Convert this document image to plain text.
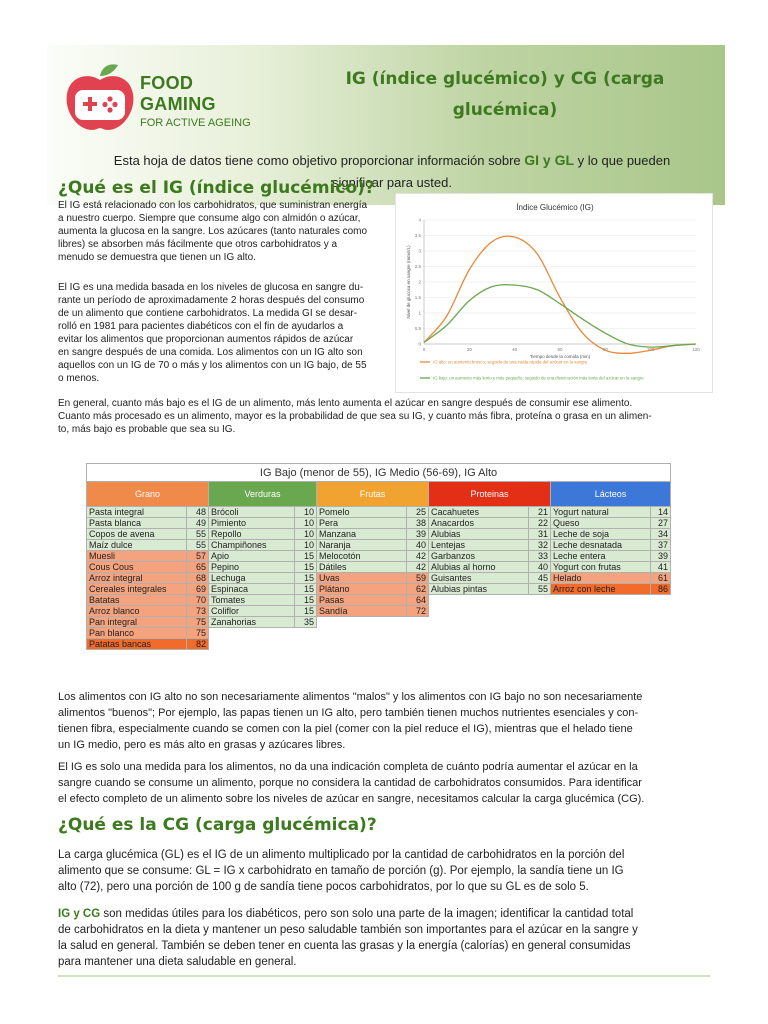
FOOD
GAMING
FOR ACTIVE AGEING
IG (índice glucémico) y CG (carga
glucémica)
Esta hoja de datos tiene como objetivo proporcionar información sobre GI y GL y lo que pueden
significar para usted.
¿Qué es el IG (índice glucémico)?
El IG está relacionado con los carbohidratos, que suministran energía
a nuestro cuerpo. Siempre que consume algo con almidón o azúcar,
aumenta la glucosa en la sangre. Los azúcares (tanto naturales como
libres) se absorben más fácilmente que otros carbohidratos y a
menudo se demuestra que tienen un IG alto.
El IG es una medida basada en los niveles de glucosa en sangre du-
rante un período de aproximadamente 2 horas después del consumo
de un alimento que contiene carbohidratos. La medida GI se desar-
rolló en 1981 para pacientes diabéticos con el fin de ayudarlos a
evitar los alimentos que proporcionan aumentos rápidos de azúcar
en sangre después de una comida. Los alimentos con un IG alto son
aquellos con un IG de 70 o más y los alimentos con un IG bajo, de 55
o menos.
Índice Glucémico (IG)
Nivel de glucosa en sangre (mmol/L)
Tiempo desde la comida (min)
0
0.5
1
1.5
2
2.5
3
3.5
4
0	20	40	60	80	100	120
IG alto: un aumento brusco, seguido de una caída rápida del azúcar en la sangre
IG bajo: un aumento más lento y más pequeño, seguido de una disminución más lenta del azúcar en la sangre
En general, cuanto más bajo es el IG de un alimento, más lento aumenta el azúcar en sangre después de consumir ese alimento.
Cuanto más procesado es un alimento, mayor es la probabilidad de que sea su IG, y cuanto más fibra, proteína o grasa en un alimen-
to, más bajo es probable que sea su IG.
IG Bajo (menor de 55), IG Medio (56-69), IG Alto									
Grano		Verduras		Frutas		Proteinas		Lácteos	
Pasta integral	48	Brócoli	10	Pomelo	25	Cacahuetes	21	Yogurt natural	14
Pasta blanca	49	Pimiento	10	Pera	38	Anacardos	22	Queso	27
Copos de avena	55	Repollo	10	Manzana	39	Alubias	31	Leche de soja	34
Maíz dulce	55	Champiñones	10	Naranja	40	Lentejas	32	Leche desnatada	37
Muesli	57	Apio	15	Melocotón	42	Garbanzos	33	Leche entera	39
Cous Cous	65	Pepino	15	Dátiles	42	Alubias al horno	40	Yogurt con frutas	41
Arroz integral	68	Lechuga	15	Uvas	59	Guisantes	45	Helado	61
Cereales integrales	69	Espinaca	15	Plátano	62	Alubias pintas	55	Arroz con leche	86
Batatas	70	Tomates	15	Pasas	64				
Arroz blanco	73	Coliflor	15	Sandía	72				
Pan integral	75	Zanahorias	35						
Pan blanco	75								
Patatas bancas	82								
Los alimentos con IG alto no son necesariamente alimentos "malos" y los alimentos con IG bajo no son necesariamente
alimentos "buenos"; Por ejemplo, las papas tienen un IG alto, pero también tienen muchos nutrientes esenciales y con-
tienen fibra, especialmente cuando se comen con la piel (comer con la piel reduce el IG), mientras que el helado tiene
un IG medio, pero es más alto en grasas y azúcares libres.
El IG es solo una medida para los alimentos, no da una indicación completa de cuánto podría aumentar el azúcar en la
sangre cuando se consume un alimento, porque no considera la cantidad de carbohidratos consumidos. Para identificar
el efecto completo de un alimento sobre los niveles de azúcar en sangre, necesitamos calcular la carga glucémica (CG).
¿Qué es la CG (carga glucémica)?
La carga glucémica (GL) es el IG de un alimento multiplicado por la cantidad de carbohidratos en la porción del
alimento que se consume: GL = IG x carbohidrato en tamaño de porción (g). Por ejemplo, la sandía tiene un IG
alto (72), pero una porción de 100 g de sandía tiene pocos carbohidratos, por lo que su GL es de solo 5.
IG y CG son medidas útiles para los diabéticos, pero son solo una parte de la imagen; identificar la cantidad total
de carbohidratos en la dieta y mantener un peso saludable también son importantes para el azúcar en la sangre y
la salud en general. También se deben tener en cuenta las grasas y la energía (calorías) en general consumidas
para mantener una dieta saludable en general.
